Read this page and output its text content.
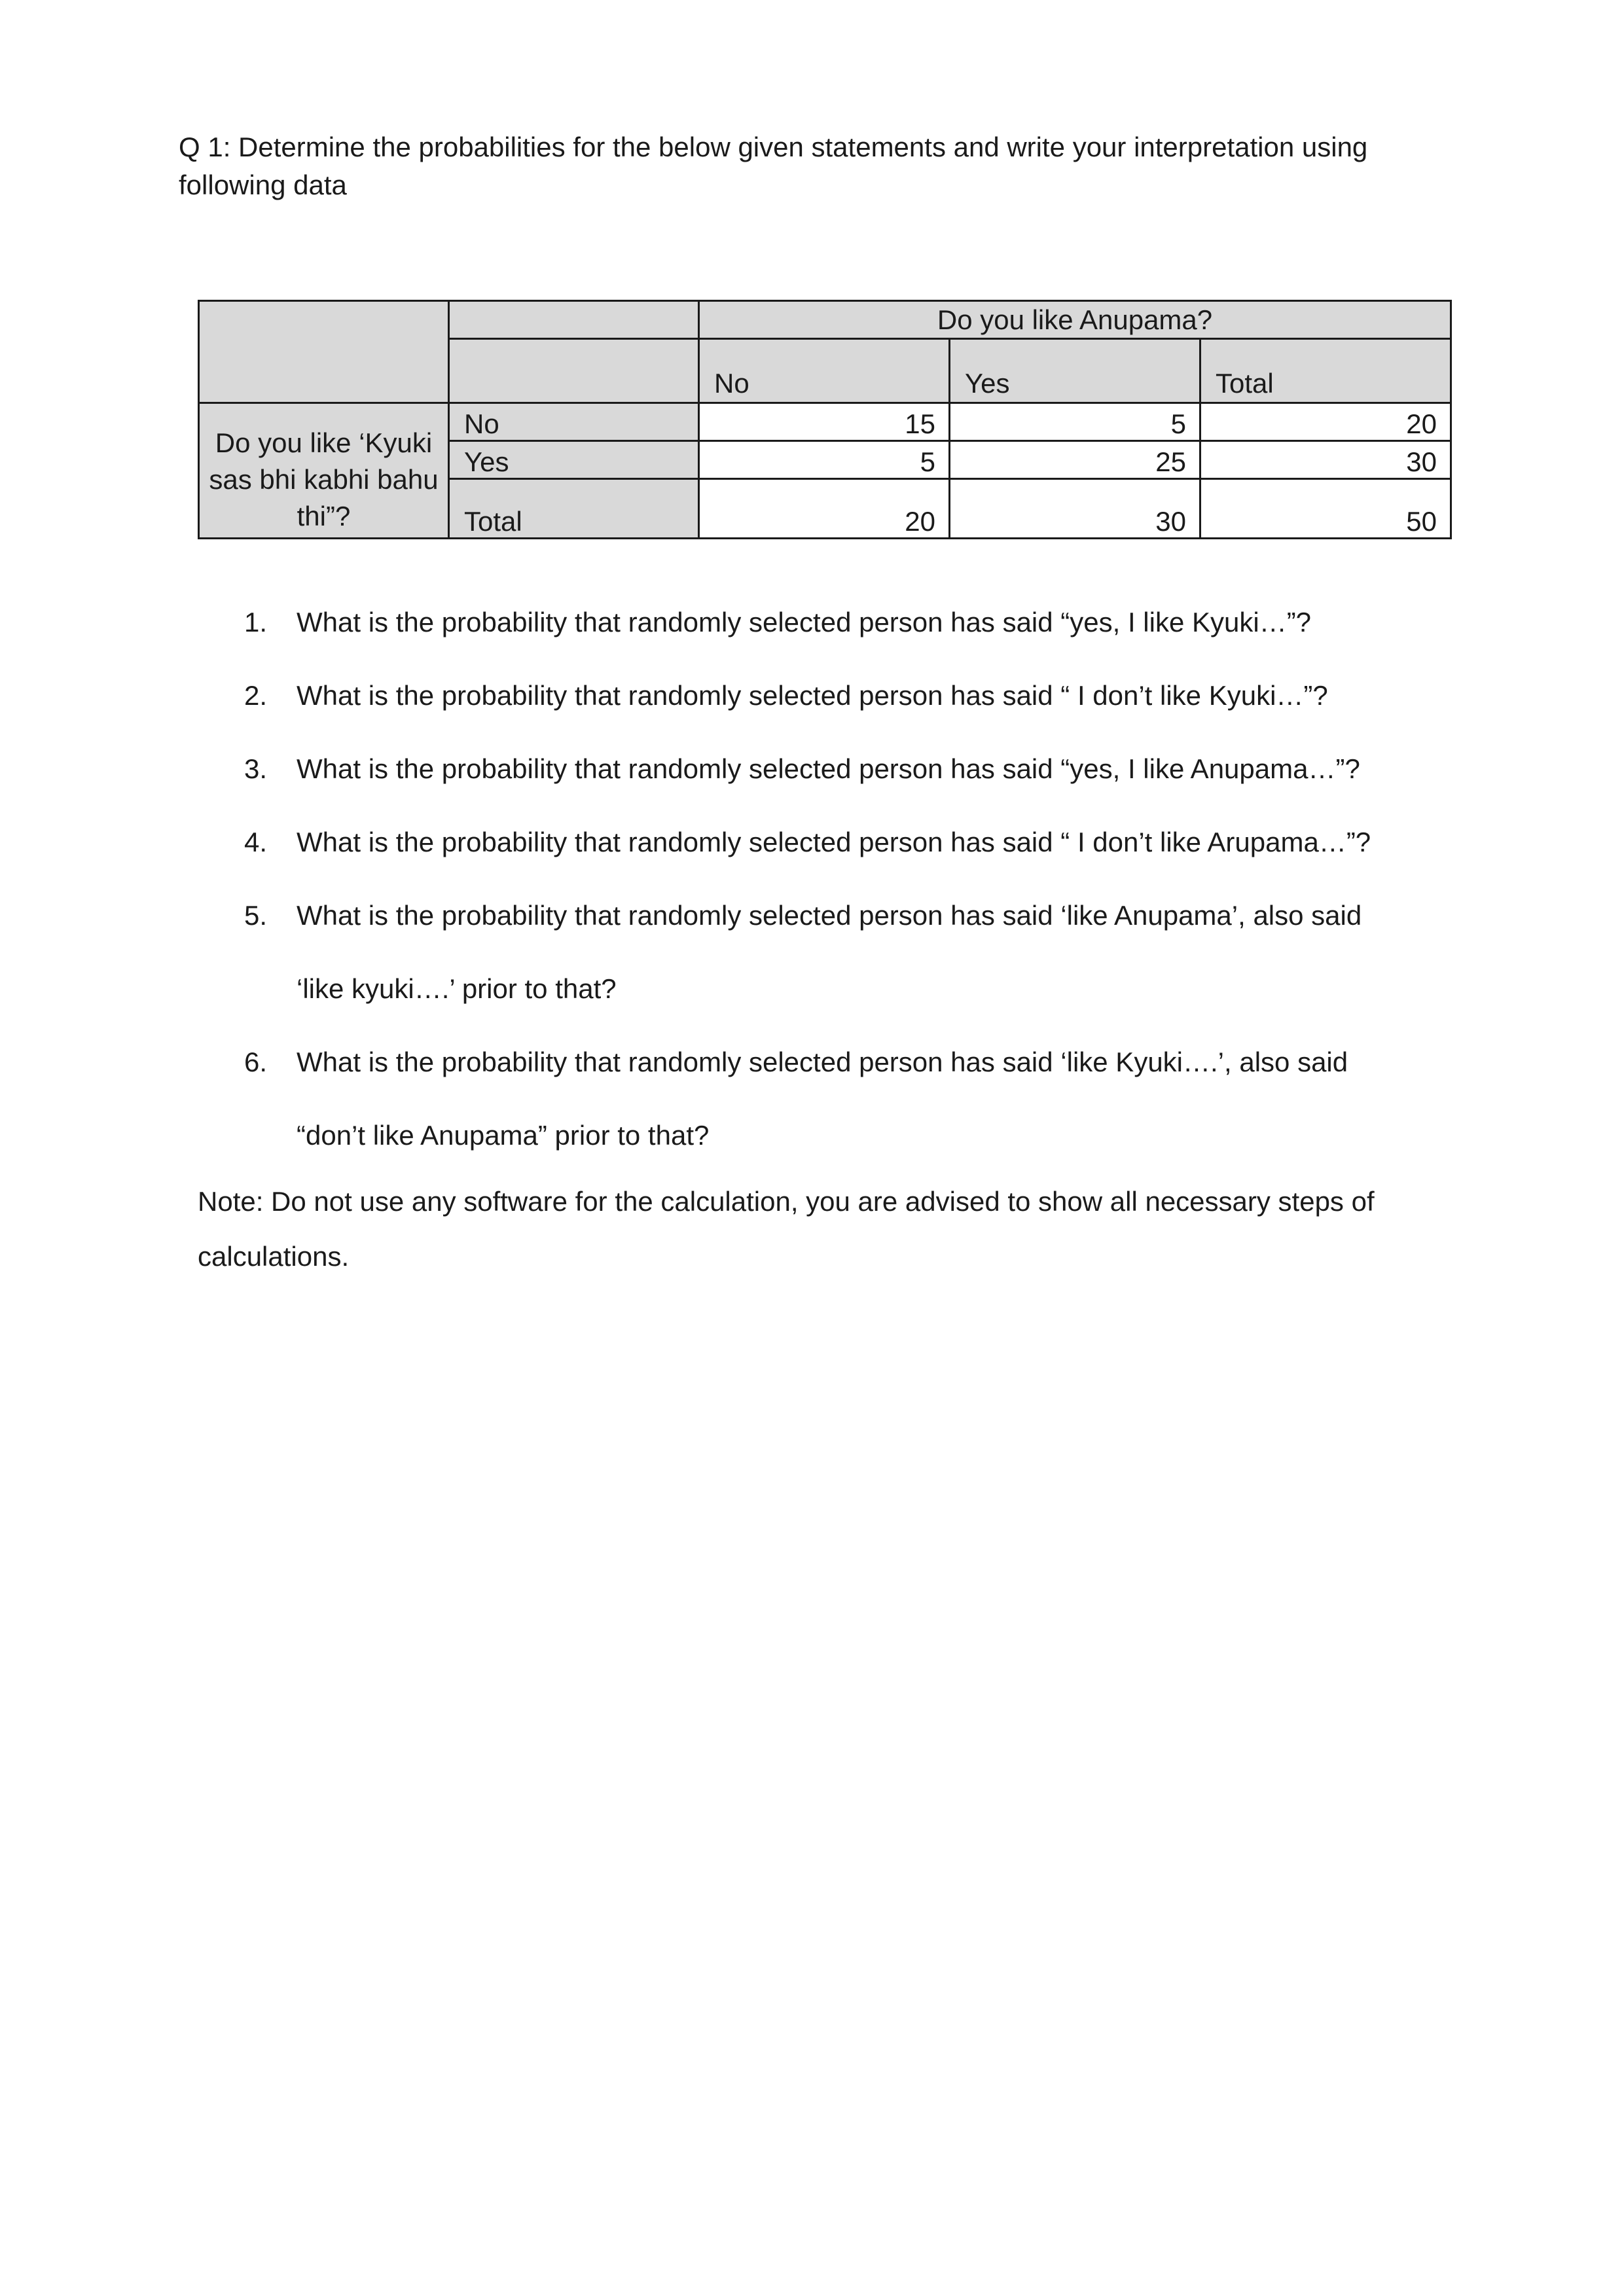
Q 1: Determine the probabilities for the below given statements and write your interpretation using following data
		Do you like Anupama?		
		No	Yes	Total
Do you like ‘Kyuki sas bhi kabhi bahu thi”?	No	15	5	20
	Yes	5	25	30
	Total	20	30	50
1. What is the probability that randomly selected person has said “yes, I like Kyuki…”?
2. What is the probability that randomly selected person has said “ I don’t like Kyuki…”?
3. What is the probability that randomly selected person has said “yes, I like Anupama…”?
4. What is the probability that randomly selected person has said “ I don’t like Arupama…”?
5. What is the probability that randomly selected person has said ‘like Anupama’, also said
‘like kyuki….’ prior to that?
6. What is the probability that randomly selected person has said ‘like Kyuki….’, also said
“don’t like Anupama” prior to that?
Note: Do not use any software for the calculation, you are advised to show all necessary steps of calculations.
